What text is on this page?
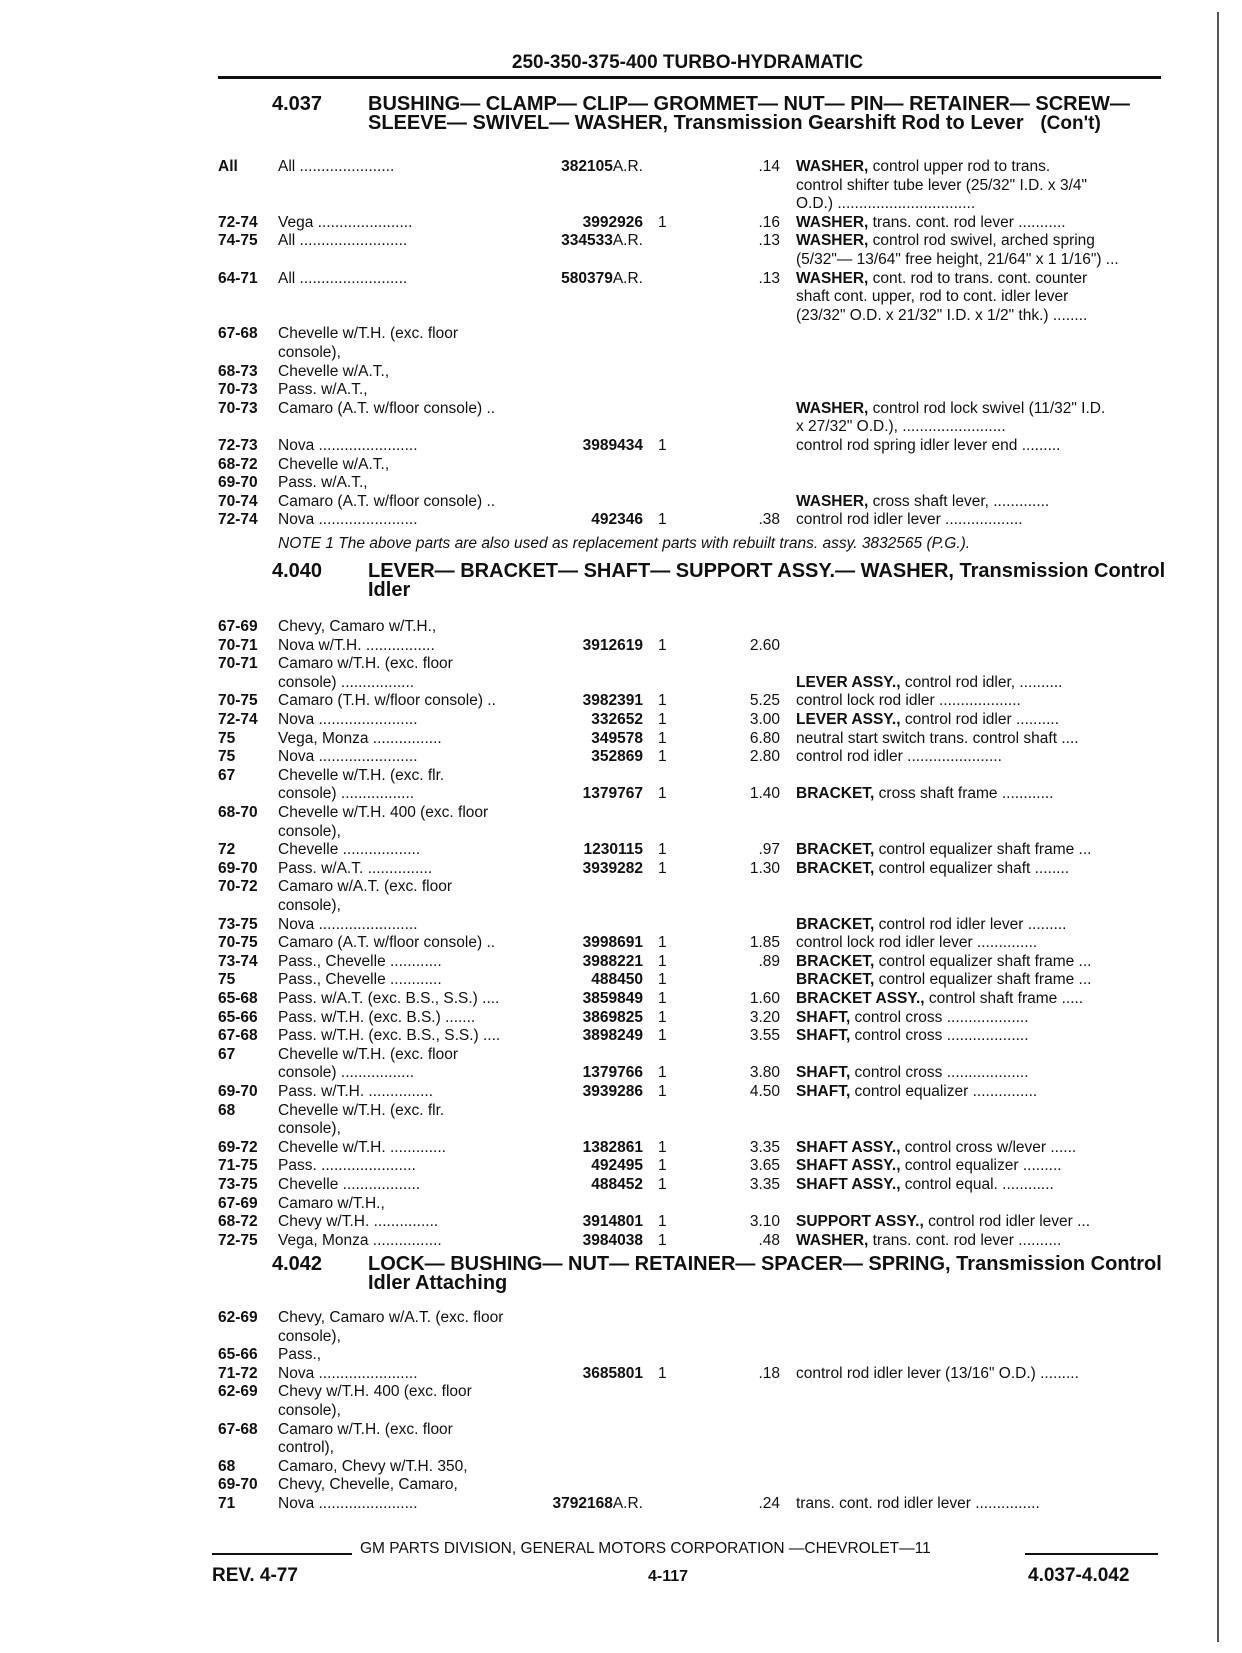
250-350-375-400 TURBO-HYDRAMATIC
4.037 BUSHING— CLAMP— CLIP— GROMMET— NUT— PIN— RETAINER— SCREW— SLEEVE— SWIVEL— WASHER, Transmission Gearshift Rod to Lever (Con't)
All	All ......................	382105A.R.	.14 WASHER, control upper rod to trans.
control shifter tube lever (25/32" I.D. x 3/4"
O.D.) ................................
72-74 Vega ......................	3992926 1	.16 WASHER, trans. cont. rod lever ...........
74-75 All .........................	334533A.R.	.13 WASHER, control rod swivel, arched spring
(5/32"— 13/64" free height, 21/64" x 1 1/16") ...
64-71 All .........................	580379A.R.	.13 WASHER, cont. rod to trans. cont. counter
shaft cont. upper, rod to cont. idler lever
(23/32" O.D. x 21/32" I.D. x 1/2" thk.) ........
67-68 Chevelle w/T.H. (exc. floor
console),
68-73 Chevelle w/A.T.,
70-73 Pass. w/A.T.,
70-73 Camaro (A.T. w/floor console) ..	WASHER, control rod lock swivel (11/32" I.D.
x 27/32" O.D.), ........................
72-73 Nova .......................	3989434 1	control rod spring idler lever end .........
68-72 Chevelle w/A.T.,
69-70 Pass. w/A.T.,
70-74 Camaro (A.T. w/floor console) ..	WASHER, cross shaft lever, .............
72-74 Nova .......................	492346 1	.38 control rod idler lever ..................
NOTE 1 The above parts are also used as replacement parts with rebuilt trans. assy. 3832565 (P.G.).
4.040 LEVER— BRACKET— SHAFT— SUPPORT ASSY.— WASHER, Transmission Control Idler
67-69 Chevy, Camaro w/T.H.,
70-71 Nova w/T.H. ................	3912619 1	2.60
70-71 Camaro w/T.H. (exc. floor
console) .................	LEVER ASSY., control rod idler, ..........
70-75 Camaro (T.H. w/floor console) ..	3982391 1	5.25 control lock rod idler ...................
72-74 Nova .......................	332652 1	3.00 LEVER ASSY., control rod idler ..........
75	Vega, Monza ................	349578 1	6.80 neutral start switch trans. control shaft ....
75	Nova .......................	352869 1	2.80 control rod idler ......................
67	Chevelle w/T.H. (exc. flr.
console) .................	1379767 1	1.40 BRACKET, cross shaft frame ............
68-70 Chevelle w/T.H. 400 (exc. floor
console),
72	Chevelle ..................	1230115 1	.97 BRACKET, control equalizer shaft frame ...
69-70 Pass. w/A.T. ...............	3939282 1	1.30 BRACKET, control equalizer shaft ........
70-72 Camaro w/A.T. (exc. floor
console),
73-75 Nova .......................	BRACKET, control rod idler lever .........
70-75 Camaro (A.T. w/floor console) ..	3998691 1	1.85 control lock rod idler lever ..............
73-74 Pass., Chevelle ............	3988221 1	.89 BRACKET, control equalizer shaft frame ...
75	Pass., Chevelle ............	488450 1	BRACKET, control equalizer shaft frame ...
65-68 Pass. w/A.T. (exc. B.S., S.S.) ....	3859849 1	1.60 BRACKET ASSY., control shaft frame .....
65-66 Pass. w/T.H. (exc. B.S.) .......	3869825 1	3.20 SHAFT, control cross ...................
67-68 Pass. w/T.H. (exc. B.S., S.S.) ....	3898249 1	3.55 SHAFT, control cross ...................
67	Chevelle w/T.H. (exc. floor
console) .................	1379766 1	3.80 SHAFT, control cross ...................
69-70 Pass. w/T.H. ...............	3939286 1	4.50 SHAFT, control equalizer ...............
68	Chevelle w/T.H. (exc. flr.
console),
69-72 Chevelle w/T.H. .............	1382861 1	3.35 SHAFT ASSY., control cross w/lever ......
71-75 Pass. ......................	492495 1	3.65 SHAFT ASSY., control equalizer .........
73-75 Chevelle ..................	488452 1	3.35 SHAFT ASSY., control equal. ............
67-69 Camaro w/T.H.,
68-72 Chevy w/T.H. ...............	3914801 1	3.10 SUPPORT ASSY., control rod idler lever ...
72-75 Vega, Monza ................	3984038 1	.48 WASHER, trans. cont. rod lever ..........
4.042 LOCK— BUSHING— NUT— RETAINER— SPACER— SPRING, Transmission Control Idler Attaching
62-69 Chevy, Camaro w/A.T. (exc. floor
console),
65-66 Pass.,
71-72 Nova .......................	3685801 1	.18 control rod idler lever (13/16" O.D.) .........
62-69 Chevy w/T.H. 400 (exc. floor
console),
67-68 Camaro w/T.H. (exc. floor
control),
68	Camaro, Chevy w/T.H. 350,
69-70 Chevy, Chevelle, Camaro,
71	Nova .......................	3792168A.R.	.24 trans. cont. rod idler lever ...............
GM PARTS DIVISION, GENERAL MOTORS CORPORATION —CHEVROLET—11
REV. 4-77	4-117	4.037-4.042
